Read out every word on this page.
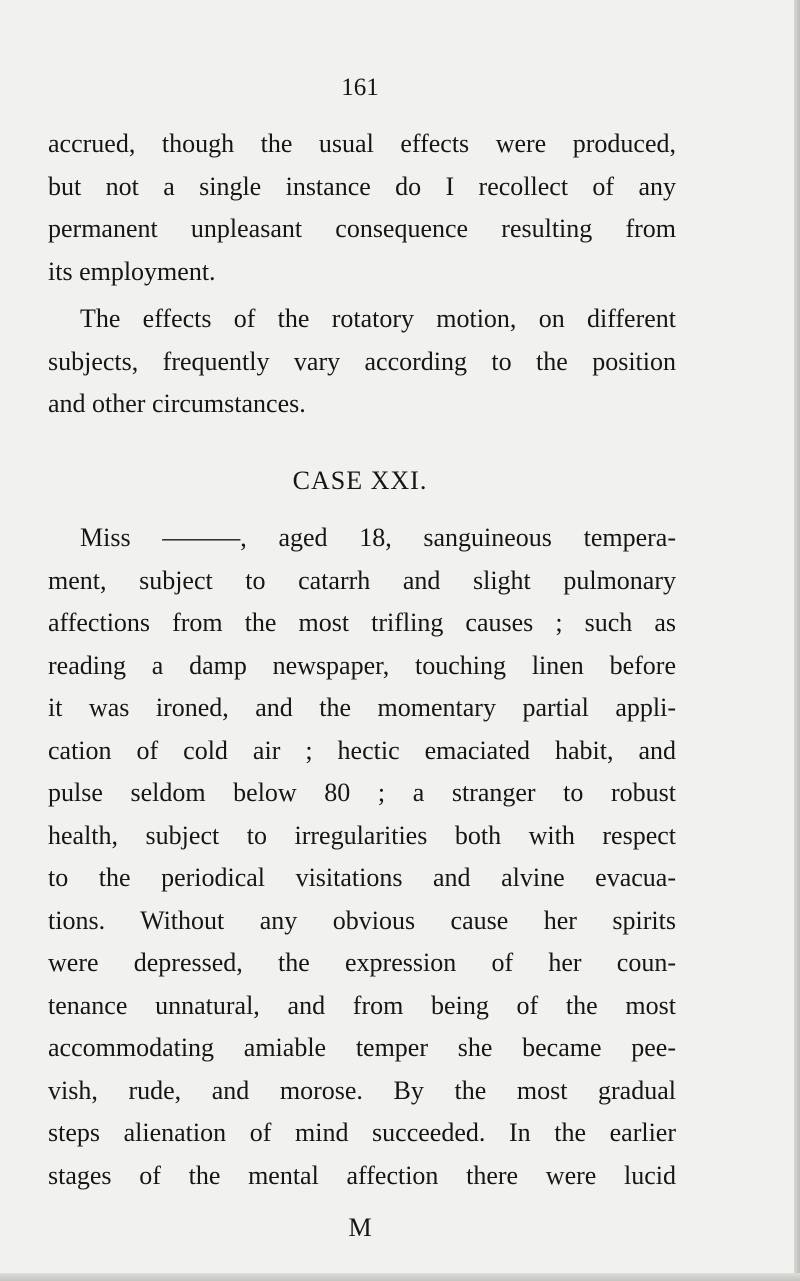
161
accrued, though the usual effects were produced,
but not a single instance do I recollect of any
permanent unpleasant consequence resulting from
its employment.
The effects of the rotatory motion, on different
subjects, frequently vary according to the position
and other circumstances.
CASE XXI.
Miss ———, aged 18, sanguineous tempera-
ment, subject to catarrh and slight pulmonary
affections from the most trifling causes ; such as
reading a damp newspaper, touching linen before
it was ironed, and the momentary partial appli-
cation of cold air ; hectic emaciated habit, and
pulse seldom below 80 ; a stranger to robust
health, subject to irregularities both with respect
to the periodical visitations and alvine evacua-
tions. Without any obvious cause her spirits
were depressed, the expression of her coun-
tenance unnatural, and from being of the most
accommodating amiable temper she became pee-
vish, rude, and morose. By the most gradual
steps alienation of mind succeeded. In the earlier
stages of the mental affection there were lucid
M
